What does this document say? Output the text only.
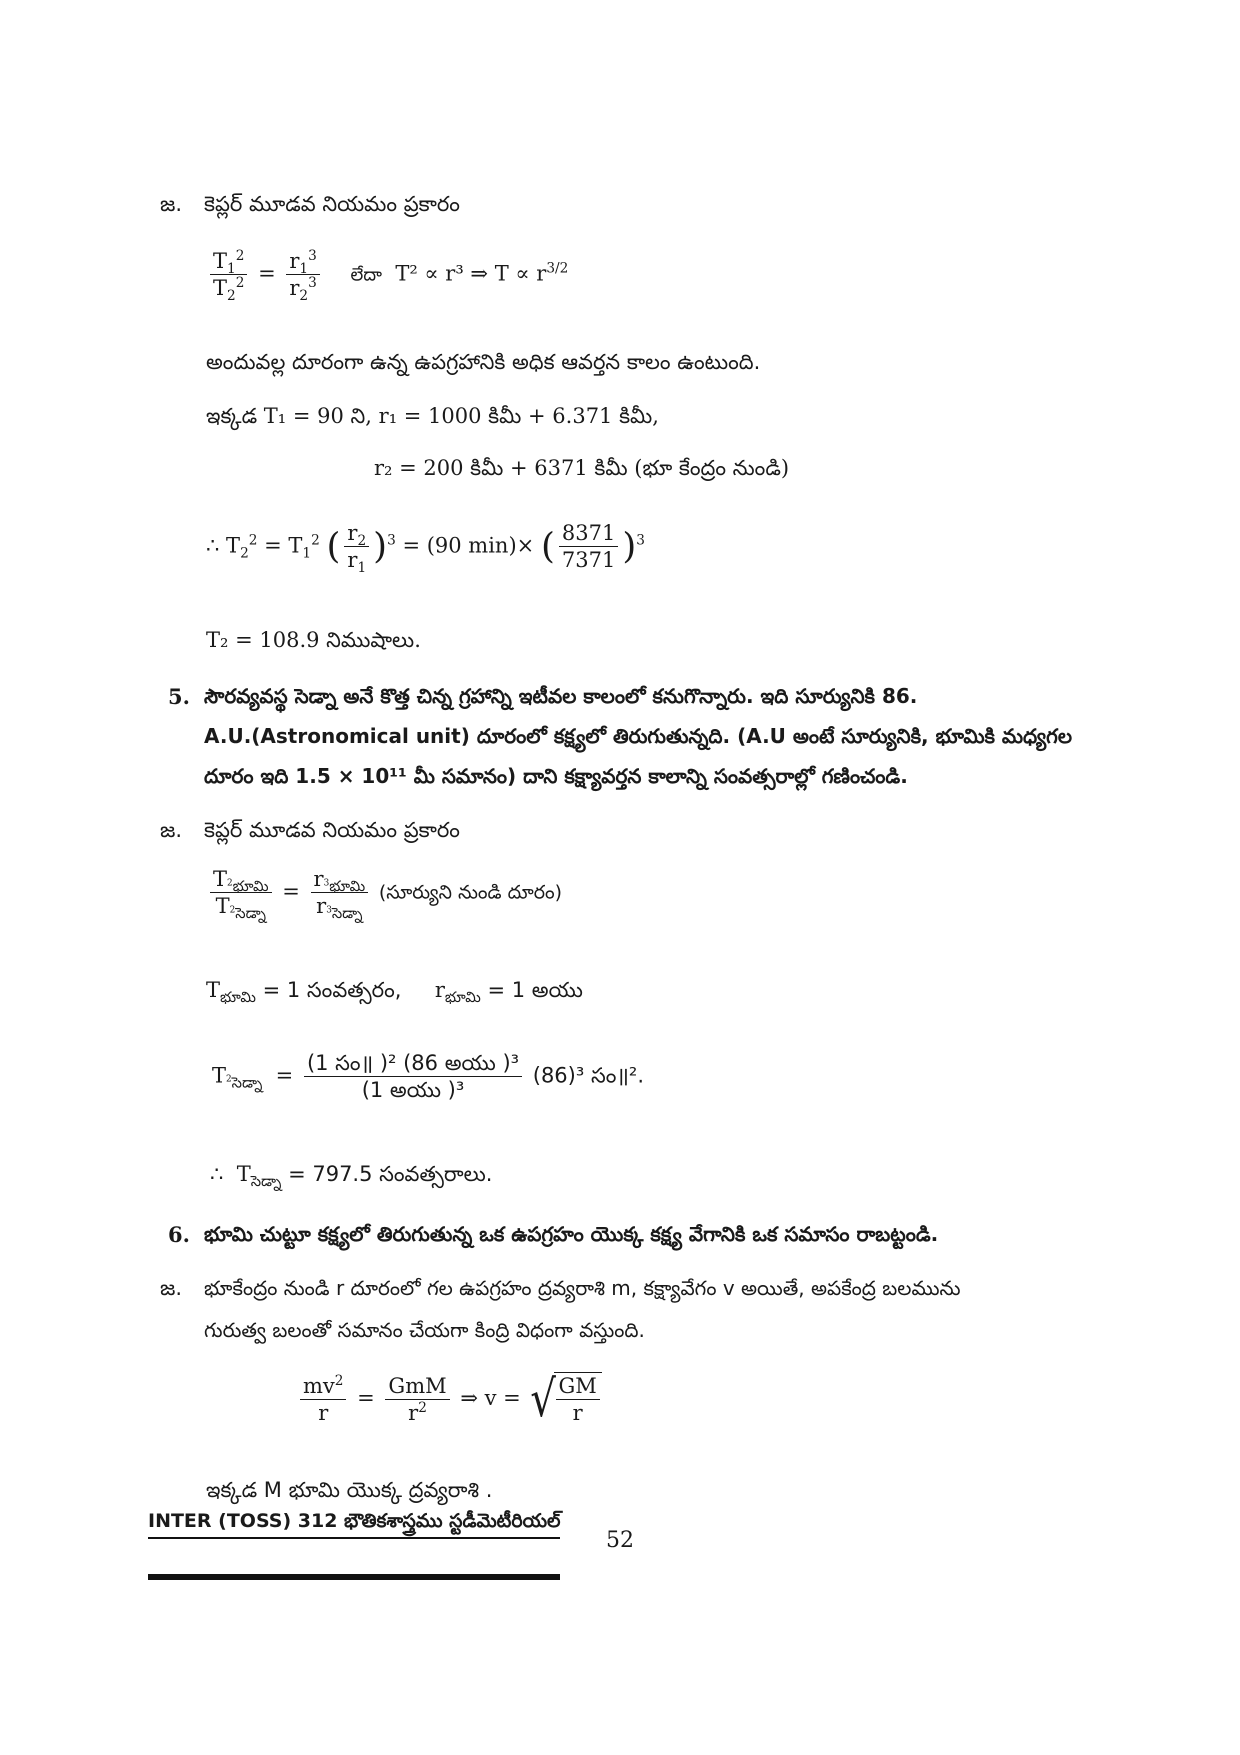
జ. కెప్లర్ మూడవ నియమం ప్రకారం
$\frac{T_1^2}{T_2^2} = \frac{r_1^3}{r_2^3}$ లేదా T² ∝ r³ ⇒ $T \propto r^{3/2}$
అందువల్ల దూరంగా ఉన్న ఉపగ్రహానికి అధిక ఆవర్తన కాలం ఉంటుంది.
ఇక్కడ T₁ = 90 ని, r₁ = 1000 కిమీ + 6.371 కిమీ,
r₂ = 200 కిమీ + 6371 కిమీ (భూ కేంద్రం నుండి)
∴ $T_2^2 = T_1^2$ ( $\frac{r_2}{r_1} )^3 = (90$ min)× ( $\frac{8371}{7371} )^3$
T₂ = 108.9 నిముషాలు.
5. సౌరవ్యవస్థ సెడ్నా అనే కొత్త చిన్న గ్రహాన్ని ఇటీవల కాలంలో కనుగొన్నారు. ఇది సూర్యునికి 86.
A.U.(Astronomical unit) దూరంలో కక్ష్యలో తిరుగుతున్నది. (A.U అంటే సూర్యునికి, భూమికి మధ్యగల
దూరం ఇది 1.5 × 10¹¹ మీ సమానం) దాని కక్ష్యావర్తన కాలాన్ని సంవత్సరాల్లో గణించండి.
జ. కెప్లర్ మూడవ నియమం ప్రకారం
$\frac{T_{^2భూమి}}{T_{^2సెడ్నా}} = \frac{r_{^3భూమి}}{r_{^3సెడ్నా}}$ (సూర్యుని నుండి దూరం)
$T_{భూమి} = 1$ సంవత్సరం,     $r_{భూమి} = 1$ అయు
$T_{^2సెడ్నా} = \frac{\text{(1 సం॥ )² (86 అయు )³}}{\text{(1 అయు )³}} (86)^3$ సం॥².
∴  $T_{సెడ్నా} = 797.5$ సంవత్సరాలు.
6. భూమి చుట్టూ కక్ష్యలో తిరుగుతున్న ఒక ఉపగ్రహం యొక్క కక్ష్య వేగానికి ఒక సమాసం రాబట్టండి.
జ. భూకేంద్రం నుండి r దూరంలో గల ఉపగ్రహం ద్రవ్యరాశి m, కక్ష్యావేగం v అయితే, అపకేంద్ర బలమును
గురుత్వ బలంతో సమానం చేయగా కింద్రి విధంగా వస్తుంది.
$\frac{mv^2}{r} = \frac{\text{GmM}}{r^2}$ ⇒ v = √ $\frac{GM}{r}$
ఇక్కడ M భూమి యొక్క ద్రవ్యరాశి .
INTER (TOSS) 312 భౌతికశాస్త్రము స్టడీమెటీరియల్
52
